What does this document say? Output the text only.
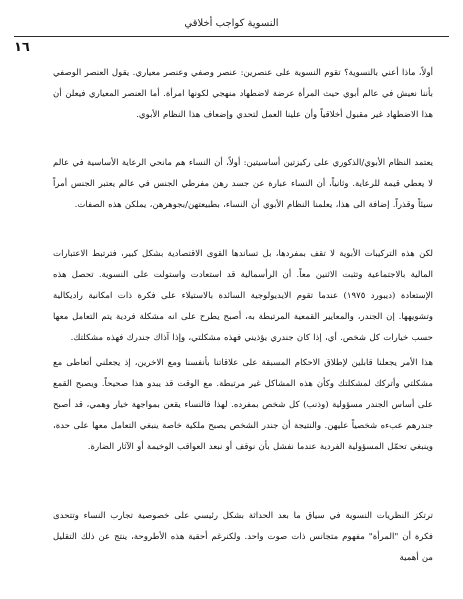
النسوية كواجب أخلاقي
١٦

أولاً، ماذا أعني بالنسوية؟ تقوم النسوية على عنصرين: عنصر وصفي وعنصر معياري. يقول العنصر الوصفي بأننا نعيش في عالم أبوي حيث المرأة عرضة لاضطهاد منهجي لكونها امرأة. أما العنصر المعياري فيعلن أن هذا الاضطهاد غير مقبول أخلاقياً وأن علينا العمل لتحدي وإضعاف هذا النظام الأبوي.

يعتمد النظام الأبوي/الذكوري على ركيزتين أساسيتين: أولاً، أن النساء هم مانحي الرعاية الأساسية في عالم لا يعطي قيمة للرعاية. وثانياً، أن النساء عبارة عن جسد رهن مفرطي الجنس في عالم يعتبر الجنس أمراً سيئاً وقذراً. إضافة الى هذا، يعلمنا النظام الأبوي أن النساء، بطبيعتهن/بجوهرهن، يملكن هذه الصفات.

لكن هذه التركيبات الأبوية لا تقف بمفردها، بل تساندها القوى الاقتصادية بشكل كبير، فترتبط الاعتبارات المالية بالاجتماعية وتثبت الاثنين معاً. أن الرأسمالية قد استعادت واستولت على النسوية. تحصل هذه الإستعادة (ديبورد ١٩٧٥) عندما تقوم الايديولوجية السائدة بالاستيلاء على فكرة ذات امكانية راديكالية وتشويهها. إن الجندر، والمعايير القمعية المرتبطة به، أصبح يطرح على انه مشكلة فردية يتم التعامل معها حسب خيارات كل شخص. أي، إذا كان جندري يؤذيني فهذه مشكلتي، وإذا آذاك جندرك فهذه مشكلتك.

هذا الأمر يجعلنا قابلين لإطلاق الاحكام المسبقة على علاقاتنا بأنفسنا ومع الاخرين، إذ يجعلني أتعاطى مع مشكلتي وأتركك لمشكلتك وكأن هذه المشاكل غير مرتبطة. مع الوقت قد يبدو هذا صحيحاً. ويصبح القمع على أساس الجندر مسؤولية (وذنب) كل شخص بمفرده. لهذا فالنساء يقعن بمواجهة خيار وهمي، قد أصبح جندرهم عبءه شخصياً عليهن. والنتيجة أن جندر الشخص يصبح ملكية خاصة ينبغي التعامل معها على حدة، وينبغي تحمّل المسؤولية الفردية عندما نفشل بأن نوقف أو نبعد العواقب الوخيمة أو الآثار الضارة.

ترتكز النظريات النسوية في سياق ما بعد الحداثة بشكل رئيسي على خصوصية تجارب النساء وتتحدى فكرة أن "المرأة" مفهوم متجانس ذات صوت واحد. ولكنرغم أحقية هذه الأطروحة، ينتج عن ذلك التقليل من أهمية
